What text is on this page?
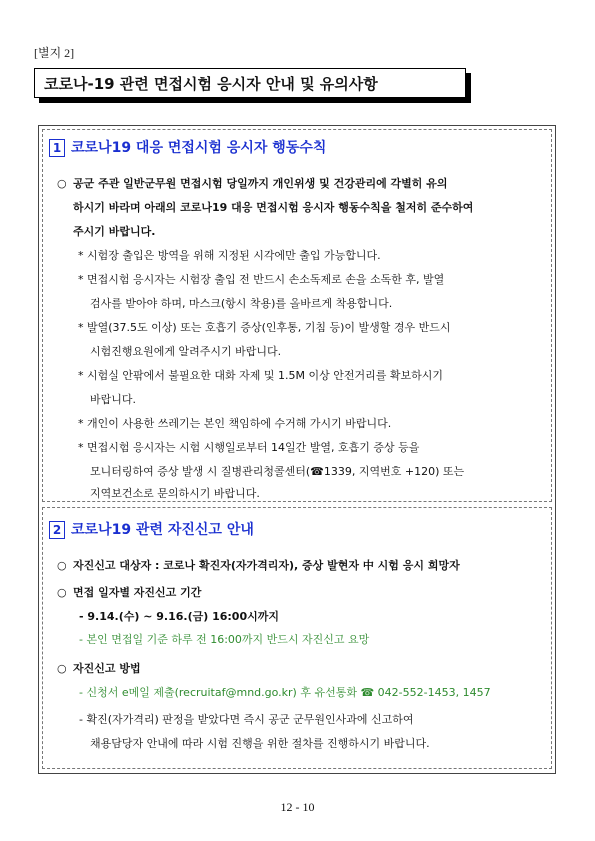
[별지 2]
코로나-19 관련 면접시험 응시자 안내 및 유의사항
1 코로나19 대응 면접시험 응시자 행동수칙
○ 공군 주관 일반군무원 면접시험 당일까지 개인위생 및 건강관리에 각별히 유의
하시기 바라며 아래의 코로나19 대응 면접시험 응시자 행동수칙을 철저히 준수하여
주시기 바랍니다.
* 시험장 출입은 방역을 위해 지정된 시각에만 출입 가능합니다.
* 면접시험 응시자는 시험장 출입 전 반드시 손소독제로 손을 소독한 후, 발열
검사를 받아야 하며, 마스크(항시 착용)를 올바르게 착용합니다.
* 발열(37.5도 이상) 또는 호흡기 증상(인후통, 기침 등)이 발생할 경우 반드시
시험진행요원에게 알려주시기 바랍니다.
* 시험실 안팎에서 불필요한 대화 자제 및 1.5M 이상 안전거리를 확보하시기
바랍니다.
* 개인이 사용한 쓰레기는 본인 책임하에 수거해 가시기 바랍니다.
* 면접시험 응시자는 시험 시행일로부터 14일간 발열, 호흡기 증상 등을
모니터링하여 증상 발생 시 질병관리청콜센터(☎1339, 지역번호 +120) 또는
지역보건소로 문의하시기 바랍니다.
2 코로나19 관련 자진신고 안내
○ 자진신고 대상자 : 코로나 확진자(자가격리자), 증상 발현자 中 시험 응시 희망자
○ 면접 일자별 자진신고 기간
- 9.14.(수) ~ 9.16.(금) 16:00시까지
- 본인 면접일 기준 하루 전 16:00까지 반드시 자진신고 요망
○ 자진신고 방법
- 신청서 e메일 제출(recruitaf@mnd.go.kr) 후 유선통화 ☎ 042-552-1453, 1457
- 확진(자가격리) 판정을 받았다면 즉시 공군 군무원인사과에 신고하여
채용담당자 안내에 따라 시험 진행을 위한 절차를 진행하시기 바랍니다.
12 - 10
